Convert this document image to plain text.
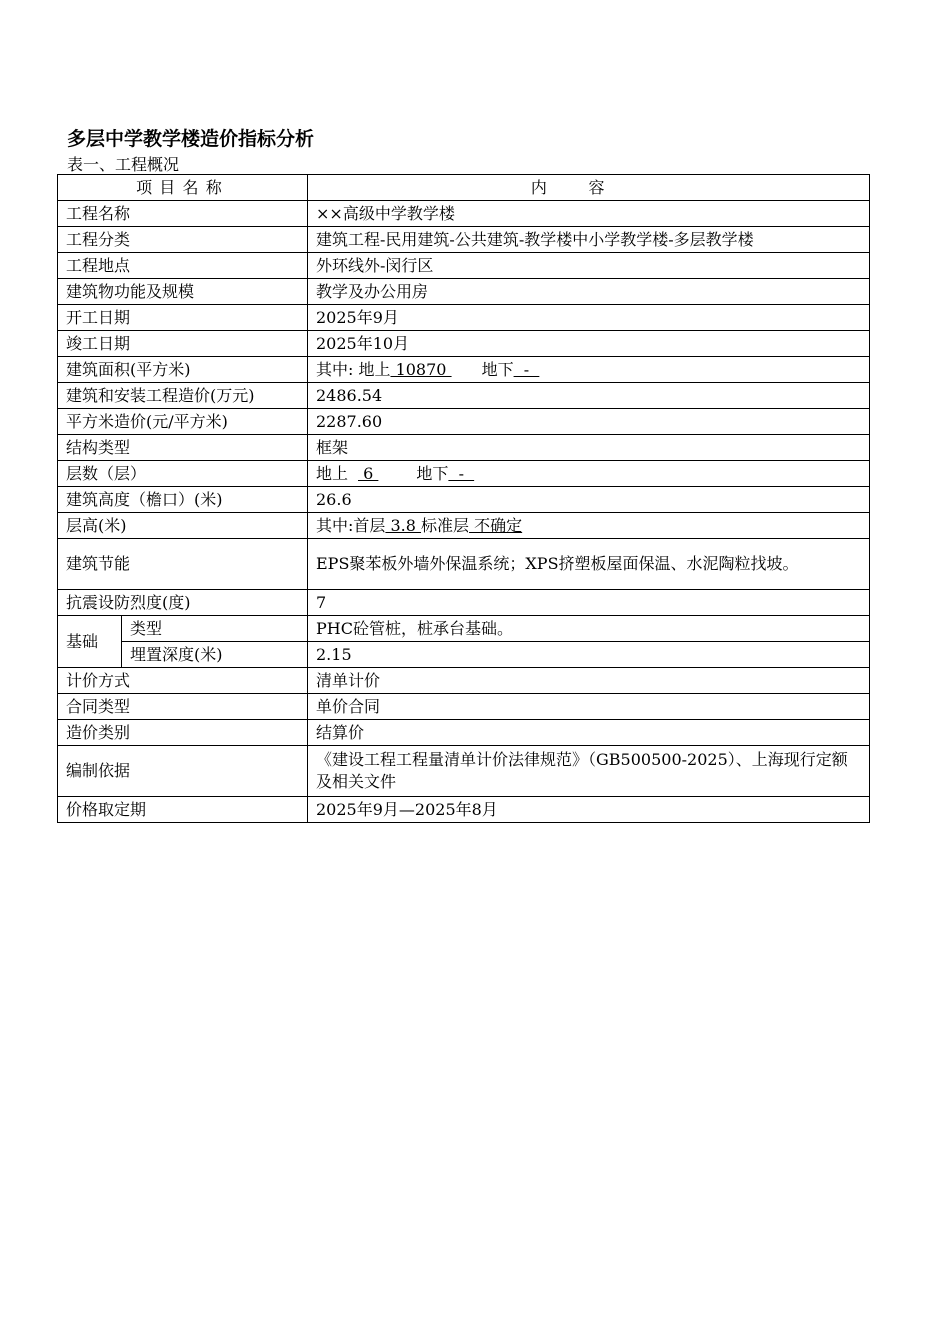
多层中学教学楼造价指标分析
表一、工程概况
项目名称		内容
工程名称		××高级中学教学楼
工程分类		建筑工程-民用建筑-公共建筑-教学楼中小学教学楼-多层教学楼
工程地点		外环线外-闵行区
建筑物功能及规模		教学及办公用房
开工日期		2025年9月
竣工日期		2025年10月
建筑面积(平方米)		其中: 地上 10870 地下  -
建筑和安装工程造价(万元)		2486.54
平方米造价(元/平方米)		2287.60
结构类型		框架
层数（层）		地上 6 地下  -
建筑高度（檐口）(米)		26.6
层高(米)		其中:首层 3.8 标准层 不确定
建筑节能		EPS聚苯板外墙外保温系统；XPS挤塑板屋面保温、水泥陶粒找坡。
抗震设防烈度(度)		7
基础	类型	PHC砼管桩，桩承台基础。
	埋置深度(米)	2.15
计价方式		清单计价
合同类型		单价合同
造价类别		结算价
编制依据		《建设工程工程量清单计价法律规范》（GB500500-2025）、上海现行定额及相关文件
价格取定期		2025年9月—2025年8月
